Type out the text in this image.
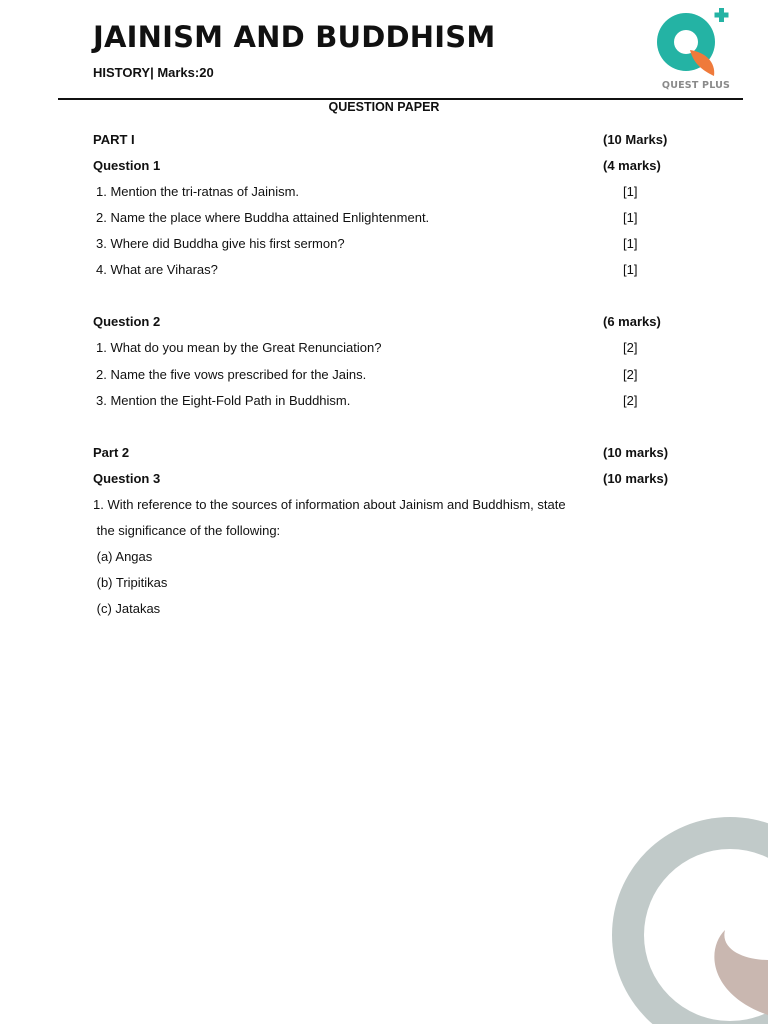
JAINISM AND BUDDHISM
HISTORY| Marks:20
QUEST PLUS
QUESTION PAPER
PART I	(10 Marks)
Question 1	(4 marks)
1. Mention the tri-ratnas of Jainism.	[1]
2. Name the place where Buddha attained Enlightenment.	[1]
3. Where did Buddha give his first sermon?	[1]
4. What are Viharas?	[1]
Question 2	(6 marks)
1. What do you mean by the Great Renunciation?	[2]
2. Name the five vows prescribed for the Jains.	[2]
3. Mention the Eight-Fold Path in Buddhism.	[2]
Part 2	(10 marks)
Question 3	(10 marks)
1. With reference to the sources of information about Jainism and Buddhism, state
the significance of the following:
(a) Angas
(b) Tripitikas
(c) Jatakas
